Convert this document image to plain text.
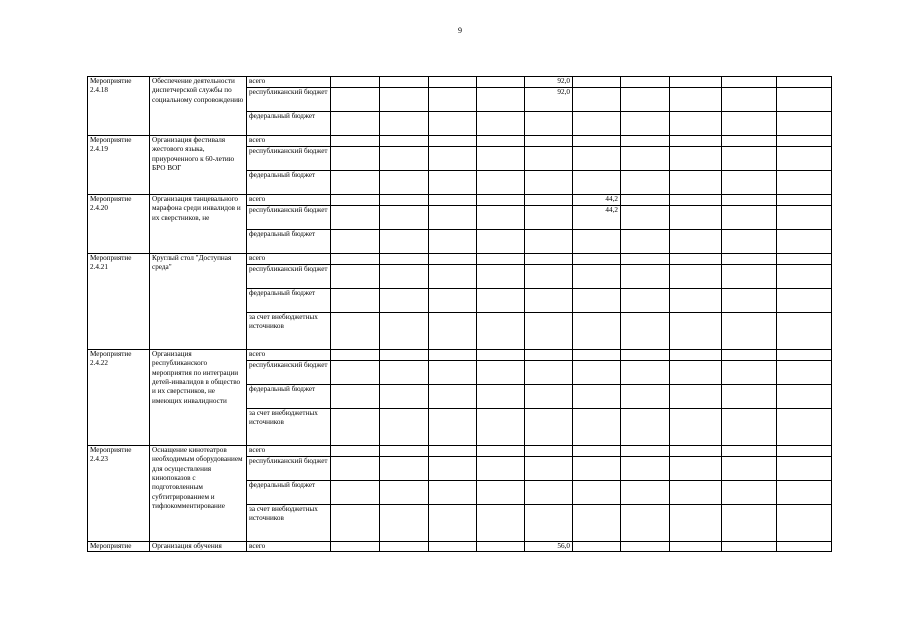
9
Мероприятие 2.4.18	Обеспечение деятельности диспетчерской службы по социальному сопровождению	всего					92,0					
		республиканский бюджет					92,0					
		федеральный бюджет										
Мероприятие 2.4.19	Организация фестиваля жестового языка, приуроченного к 60-летию БРО ВОГ	всего										
		республиканский бюджет										
		федеральный бюджет										
Мероприятие 2.4.20	Организация танцевального марафона среди инвалидов и их сверстников, не	всего						44,2				
		республиканский бюджет						44,2				
		федеральный бюджет										
Мероприятие 2.4.21	Круглый стол "Доступная среда"	всего										
		республиканский бюджет										
		федеральный бюджет										
		за счет внебюджетных источников										
Мероприятие 2.4.22	Организация республиканского мероприятия по интеграции детей-инвалидов в общество и их сверстников, не имеющих инвалидности	всего										
		республиканский бюджет										
		федеральный бюджет										
		за счет внебюджетных источников										
Мероприятие 2.4.23	Оснащение кинотеатров необходимым оборудованием для осуществления кинопоказов с подготовленным субтитрированием и тифлокомментирование	всего										
		республиканский бюджет										
		федеральный бюджет										
		за счет внебюджетных источников										
Мероприятие	Организация обучения	всего					56,0					
